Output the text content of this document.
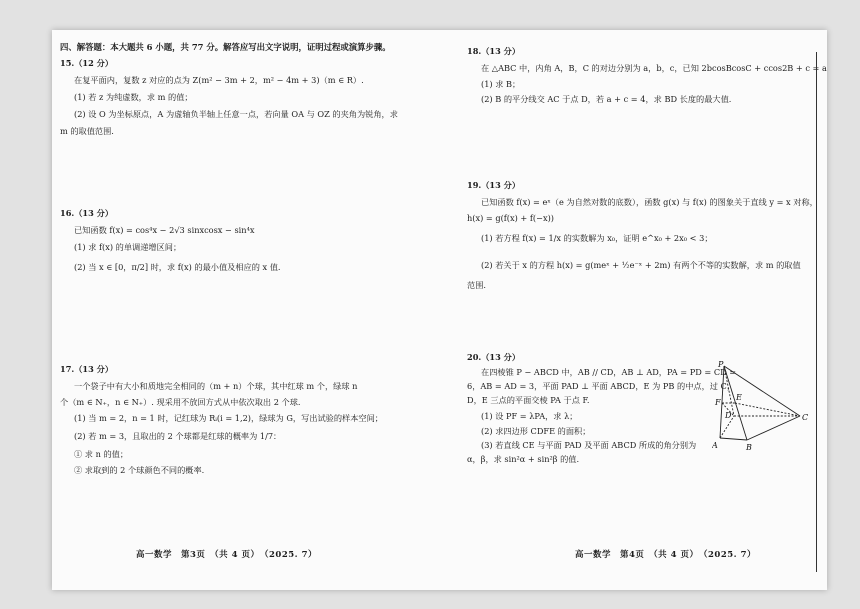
四、解答题：本大题共 6 小题，共 77 分。解答应写出文字说明，证明过程或演算步骤。
15.（12 分）
在复平面内，复数 z 对应的点为 Z(m² − 3m + 2，m² − 4m + 3)（m ∈ R）.
(1) 若 z 为纯虚数，求 m 的值；
(2) 设 O 为坐标原点，A 为虚轴负半轴上任意一点，若向量 OA 与 OZ 的夹角为锐角，求
m 的取值范围.
16.（13 分）
已知函数 f(x) = cos⁴x − 2√3 sinxcosx − sin⁴x
(1) 求 f(x) 的单调递增区间；
(2) 当 x ∈ [0，π/2] 时，求 f(x) 的最小值及相应的 x 值.
17.（13 分）
一个袋子中有大小和质地完全相同的（m + n）个球，其中红球 m 个，绿球 n
个（m ∈ N₊，n ∈ N₊）. 现采用不放回方式从中依次取出 2 个球.
(1) 当 m = 2，n = 1 时，记红球为 Rᵢ(i = 1,2)，绿球为 G，写出试验的样本空间；
(2) 若 m = 3，且取出的 2 个球都是红球的概率为 1/7：
① 求 n 的值；
② 求取到的 2 个球颜色不同的概率.
高一数学　第3页　（共 4 页）　（2025. 7）
18.（13 分）
在 △ABC 中，内角 A，B，C 的对边分别为 a，b，c，已知 2bcosBcosC + ccos2B + c = a
(1) 求 B；
(2) B 的平分线交 AC 于点 D，若 a + c = 4，求 BD 长度的最大值.
19.（13 分）
已知函数 f(x) = eˣ（e 为自然对数的底数），函数 g(x) 与 f(x) 的图象关于直线 y = x 对称，
h(x) = g(f(x) + f(−x))
(1) 若方程 f(x) = 1/x 的实数解为 x₀，证明 e^x₀ + 2x₀ < 3；
(2) 若关于 x 的方程 h(x) = g(meˣ + ½e⁻ˣ + 2m) 有两个不等的实数解，求 m 的取值
范围.
20.（13 分）
在四棱锥 P − ABCD 中，AB // CD，AB ⊥ AD，PA = PD = CD =
6，AB = AD = 3，平面 PAD ⊥ 平面 ABCD，E 为 PB 的中点，过 C，
D，E 三点的平面交棱 PA 于点 F.
(1) 设 PF = λPA，求 λ；
(2) 求四边形 CDFE 的面积；
(3) 若直线 CE 与平面 PAD 及平面 ABCD 所成的角分别为
α，β，求 sin²α + sin²β 的值.
P
A	B
C
D
E
F
高一数学　第4页　（共 4 页）　（2025. 7）
